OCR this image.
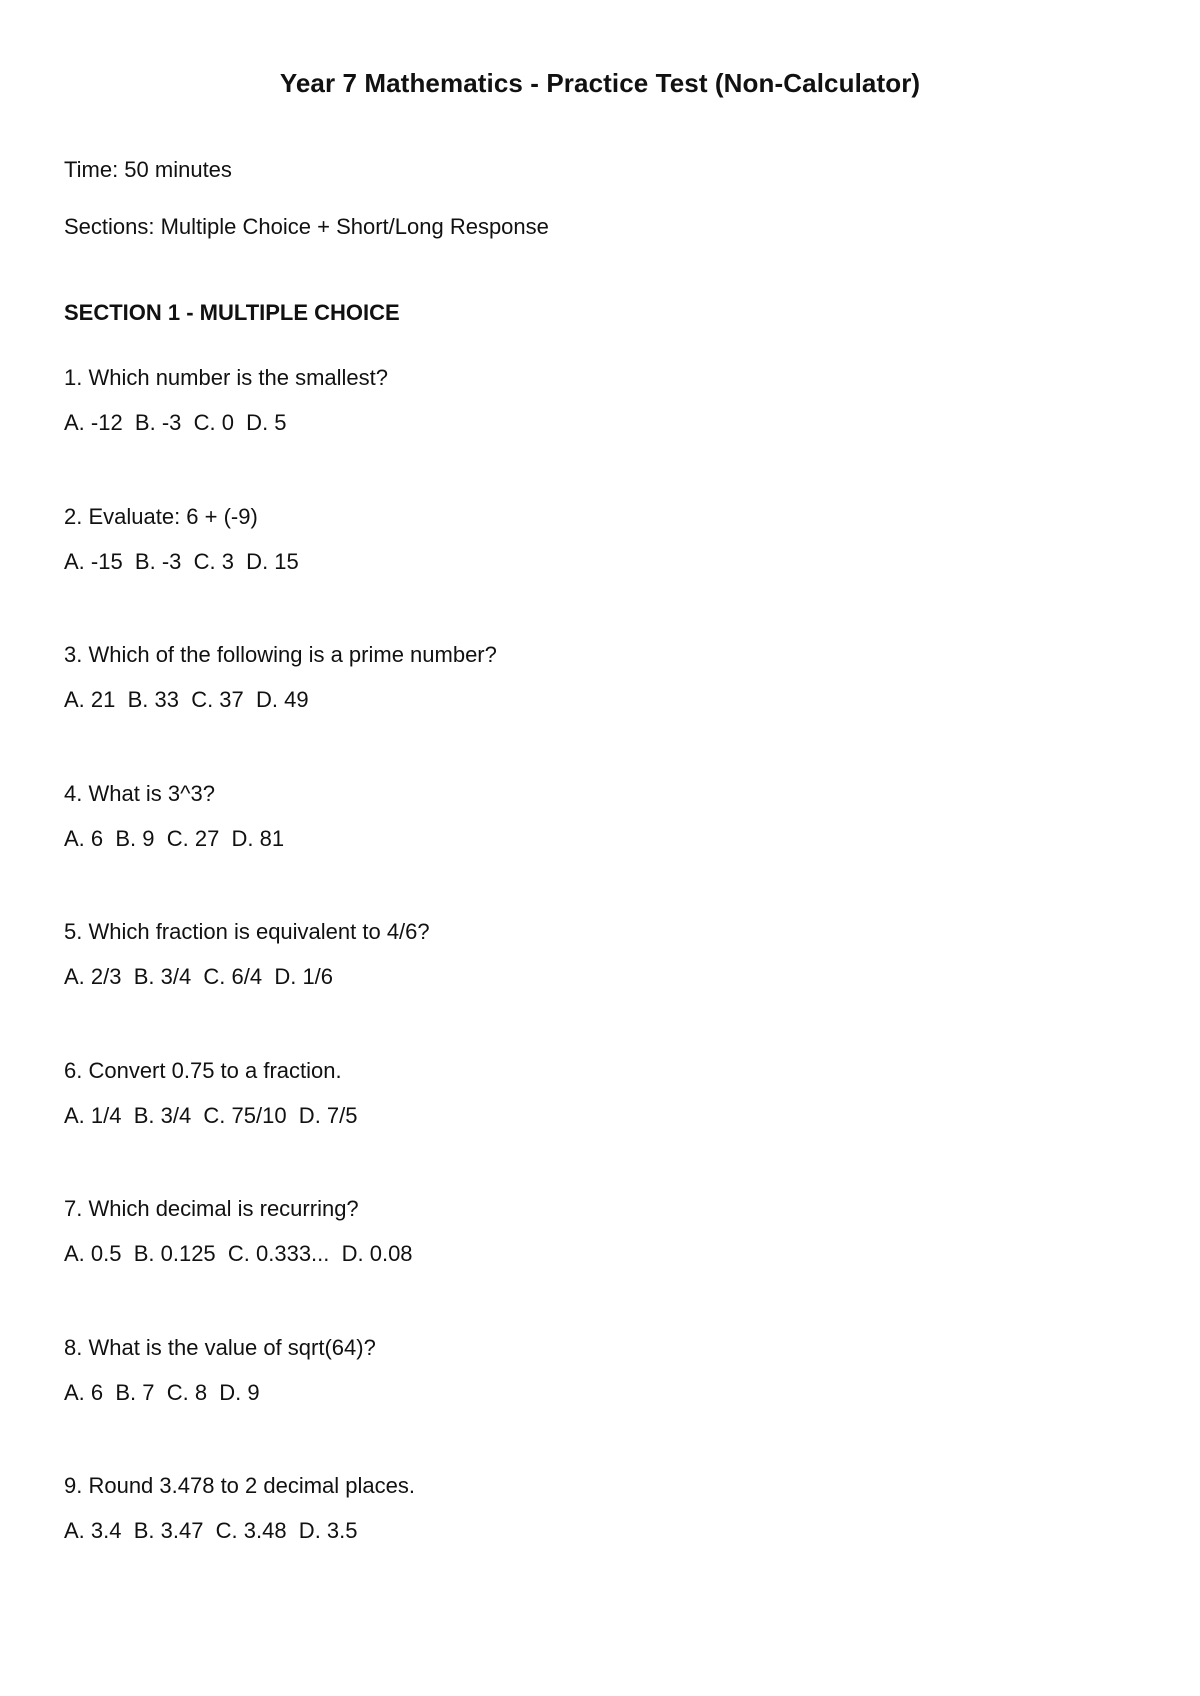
Year 7 Mathematics - Practice Test (Non-Calculator)

Time: 50 minutes

Sections: Multiple Choice + Short/Long Response

SECTION 1 - MULTIPLE CHOICE

1. Which number is the smallest?

A. -12  B. -3  C. 0  D. 5

2. Evaluate: 6 + (-9)

A. -15  B. -3  C. 3  D. 15

3. Which of the following is a prime number?

A. 21  B. 33  C. 37  D. 49

4. What is 3^3?

A. 6  B. 9  C. 27  D. 81

5. Which fraction is equivalent to 4/6?

A. 2/3  B. 3/4  C. 6/4  D. 1/6

6. Convert 0.75 to a fraction.

A. 1/4  B. 3/4  C. 75/10  D. 7/5

7. Which decimal is recurring?

A. 0.5  B. 0.125  C. 0.333...  D. 0.08

8. What is the value of sqrt(64)?

A. 6  B. 7  C. 8  D. 9

9. Round 3.478 to 2 decimal places.

A. 3.4  B. 3.47  C. 3.48  D. 3.5
